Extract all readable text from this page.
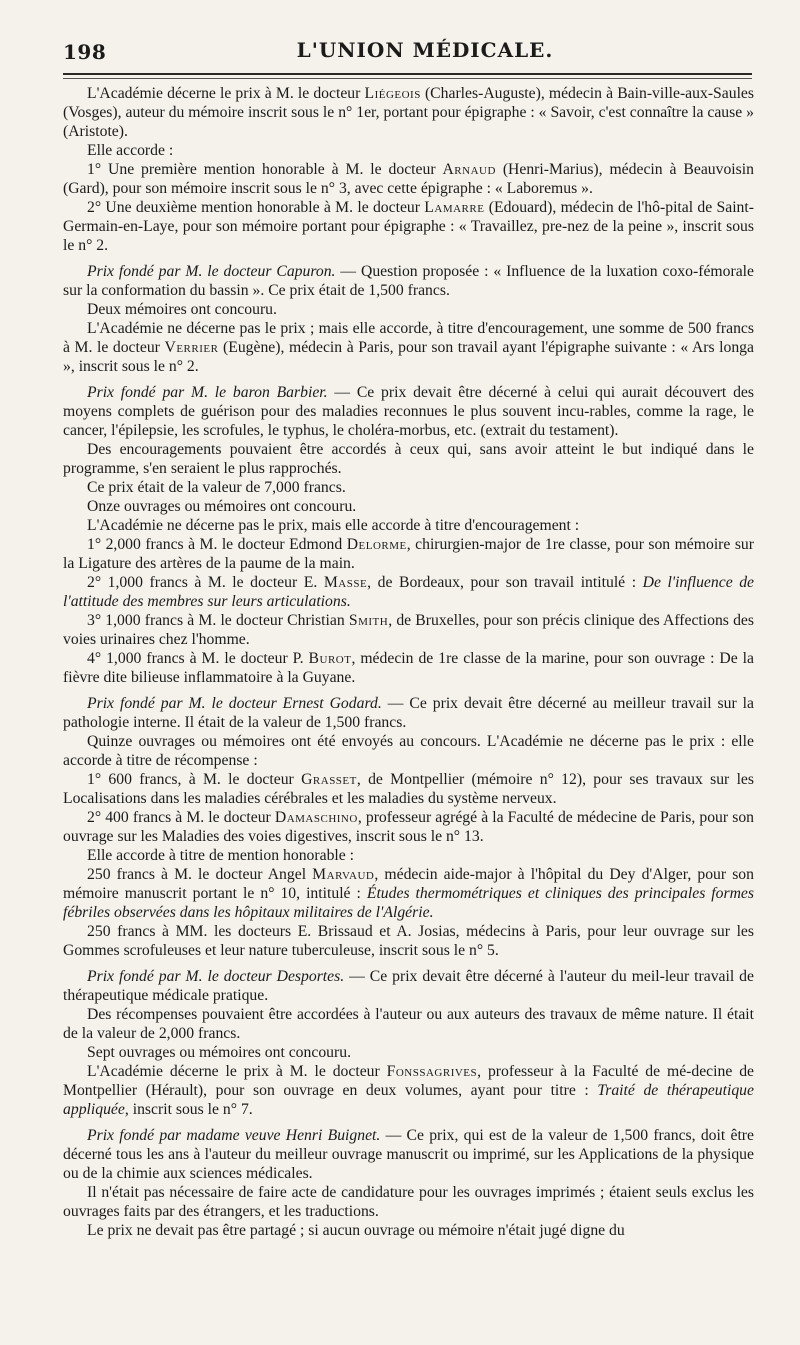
198	L'UNION MÉDICALE.

L'Académie décerne le prix à M. le docteur Liégeois (Charles-Auguste), médecin à Bain-ville-aux-Saules (Vosges), auteur du mémoire inscrit sous le n° 1er, portant pour épigraphe : « Savoir, c'est connaître la cause » (Aristote).

Elle accorde :

1° Une première mention honorable à M. le docteur Arnaud (Henri-Marius), médecin à Beauvoisin (Gard), pour son mémoire inscrit sous le n° 3, avec cette épigraphe : « Laboremus ».

2° Une deuxième mention honorable à M. le docteur Lamarre (Edouard), médecin de l'hô-pital de Saint-Germain-en-Laye, pour son mémoire portant pour épigraphe : « Travaillez, pre-nez de la peine », inscrit sous le n° 2.

Prix fondé par M. le docteur Capuron. — Question proposée : « Influence de la luxation coxo-fémorale sur la conformation du bassin ». Ce prix était de 1,500 francs.

Deux mémoires ont concouru.

L'Académie ne décerne pas le prix ; mais elle accorde, à titre d'encouragement, une somme de 500 francs à M. le docteur Verrier (Eugène), médecin à Paris, pour son travail ayant l'épigraphe suivante : « Ars longa », inscrit sous le n° 2.

Prix fondé par M. le baron Barbier. — Ce prix devait être décerné à celui qui aurait découvert des moyens complets de guérison pour des maladies reconnues le plus souvent incu-rables, comme la rage, le cancer, l'épilepsie, les scrofules, le typhus, le choléra-morbus, etc. (extrait du testament).

Des encouragements pouvaient être accordés à ceux qui, sans avoir atteint le but indiqué dans le programme, s'en seraient le plus rapprochés.

Ce prix était de la valeur de 7,000 francs.

Onze ouvrages ou mémoires ont concouru.

L'Académie ne décerne pas le prix, mais elle accorde à titre d'encouragement :

1° 2,000 francs à M. le docteur Edmond Delorme, chirurgien-major de 1re classe, pour son mémoire sur la Ligature des artères de la paume de la main.

2° 1,000 francs à M. le docteur E. Masse, de Bordeaux, pour son travail intitulé : De l'influence de l'attitude des membres sur leurs articulations.

3° 1,000 francs à M. le docteur Christian Smith, de Bruxelles, pour son précis clinique des Affections des voies urinaires chez l'homme.

4° 1,000 francs à M. le docteur P. Burot, médecin de 1re classe de la marine, pour son ouvrage : De la fièvre dite bilieuse inflammatoire à la Guyane.

Prix fondé par M. le docteur Ernest Godard. — Ce prix devait être décerné au meilleur travail sur la pathologie interne. Il était de la valeur de 1,500 francs.

Quinze ouvrages ou mémoires ont été envoyés au concours. L'Académie ne décerne pas le prix : elle accorde à titre de récompense :

1° 600 francs, à M. le docteur Grasset, de Montpellier (mémoire n° 12), pour ses travaux sur les Localisations dans les maladies cérébrales et les maladies du système nerveux.

2° 400 francs à M. le docteur Damaschino, professeur agrégé à la Faculté de médecine de Paris, pour son ouvrage sur les Maladies des voies digestives, inscrit sous le n° 13.

Elle accorde à titre de mention honorable :

250 francs à M. le docteur Angel Marvaud, médecin aide-major à l'hôpital du Dey d'Alger, pour son mémoire manuscrit portant le n° 10, intitulé : Études thermométriques et cliniques des principales formes fébriles observées dans les hôpitaux militaires de l'Algérie.

250 francs à MM. les docteurs E. Brissaud et A. Josias, médecins à Paris, pour leur ouvrage sur les Gommes scrofuleuses et leur nature tuberculeuse, inscrit sous le n° 5.

Prix fondé par M. le docteur Desportes. — Ce prix devait être décerné à l'auteur du meil-leur travail de thérapeutique médicale pratique.

Des récompenses pouvaient être accordées à l'auteur ou aux auteurs des travaux de même nature. Il était de la valeur de 2,000 francs.

Sept ouvrages ou mémoires ont concouru.

L'Académie décerne le prix à M. le docteur Fonssagrives, professeur à la Faculté de mé-decine de Montpellier (Hérault), pour son ouvrage en deux volumes, ayant pour titre : Traité de thérapeutique appliquée, inscrit sous le n° 7.

Prix fondé par madame veuve Henri Buignet. — Ce prix, qui est de la valeur de 1,500 francs, doit être décerné tous les ans à l'auteur du meilleur ouvrage manuscrit ou imprimé, sur les Applications de la physique ou de la chimie aux sciences médicales.

Il n'était pas nécessaire de faire acte de candidature pour les ouvrages imprimés ; étaient seuls exclus les ouvrages faits par des étrangers, et les traductions.

Le prix ne devait pas être partagé ; si aucun ouvrage ou mémoire n'était jugé digne du
